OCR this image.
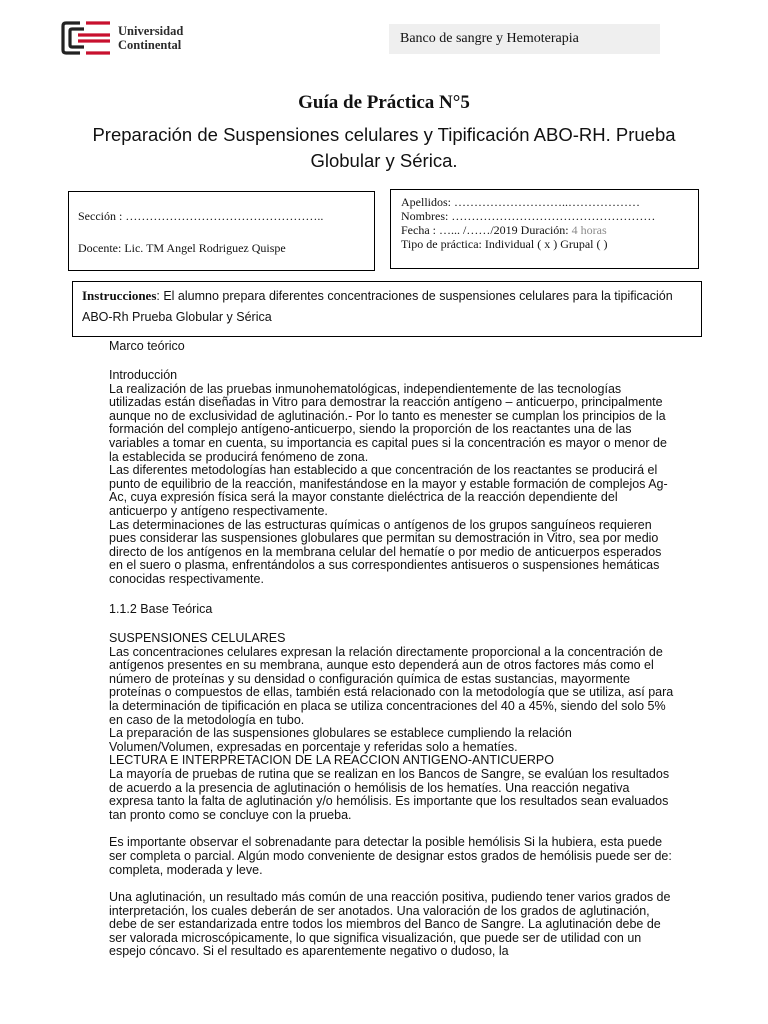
Universidad
Continental	Banco de sangre y Hemoterapia
Guía de Práctica N°5
Preparación de Suspensiones celulares y Tipificación ABO-RH. Prueba Globular y Sérica.
Sección : …………………………………………..
Docente: Lic. TM Angel Rodriguez Quispe
Apellidos: ………………………..………………
Nombres: ……………………………………………
Fecha : …... /……/2019 Duración: 4 horas
Tipo de práctica: Individual ( x ) Grupal ( )
Instrucciones: El alumno prepara diferentes concentraciones de suspensiones celulares para la tipificación ABO-Rh Prueba Globular y Sérica
Marco teórico

Introducción

La realización de las pruebas inmunohematológicas, independientemente de las tecnologías utilizadas están diseñadas in Vitro para demostrar la reacción antígeno – anticuerpo, principalmente aunque no de exclusividad de aglutinación.- Por lo tanto es menester se cumplan los principios de la formación del complejo antígeno-anticuerpo, siendo la proporción de los reactantes una de las variables a tomar en cuenta, su importancia es capital pues si la concentración es mayor o menor de la establecida se producirá fenómeno de zona.

Las diferentes metodologías han establecido a que concentración de los reactantes se producirá el punto de equilibrio de la reacción, manifestándose en la mayor y estable formación de complejos Ag-Ac, cuya expresión física será la mayor constante dieléctrica de la reacción dependiente del anticuerpo y antígeno respectivamente.

Las determinaciones de las estructuras químicas o antígenos de los grupos sanguíneos requieren pues considerar las suspensiones globulares que permitan su demostración in Vitro, sea por medio directo de los antígenos en la membrana celular del hematíe o por medio de anticuerpos esperados en el suero o plasma, enfrentándolos a sus correspondientes antisueros o suspensiones hemáticas conocidas respectivamente.

1.1.2 Base Teórica

SUSPENSIONES CELULARES

Las concentraciones celulares expresan la relación directamente proporcional a la concentración de antígenos presentes en su membrana, aunque esto dependerá aun de otros factores más como el número de proteínas y su densidad o configuración química de estas sustancias, mayormente proteínas o compuestos de ellas, también está relacionado con la metodología que se utiliza, así para la determinación de tipificación en placa se utiliza concentraciones del 40 a 45%, siendo del solo 5% en caso de la metodología en tubo.

La preparación de las suspensiones globulares se establece cumpliendo la relación Volumen/Volumen, expresadas en porcentaje y referidas solo a hematíes.

LECTURA E INTERPRETACION DE LA REACCION ANTIGENO-ANTICUERPO

La mayoría de pruebas de rutina que se realizan en los Bancos de Sangre, se evalúan los resultados de acuerdo a la presencia de aglutinación o hemólisis de los hematíes. Una reacción negativa expresa tanto la falta de aglutinación y/o hemólisis. Es importante que los resultados sean evaluados tan pronto como se concluye con la prueba.

Es importante observar el sobrenadante para detectar la posible hemólisis Si la hubiera, esta puede ser completa o parcial. Algún modo conveniente de designar estos grados de hemólisis puede ser de: completa, moderada y leve.

Una aglutinación, un resultado más común de una reacción positiva, pudiendo tener varios grados de interpretación, los cuales deberán de ser anotados. Una valoración de los grados de aglutinación, debe de ser estandarizada entre todos los miembros del Banco de Sangre. La aglutinación debe de ser valorada microscópicamente, lo que significa visualización, que puede ser de utilidad con un espejo cóncavo. Si el resultado es aparentemente negativo o dudoso, la
